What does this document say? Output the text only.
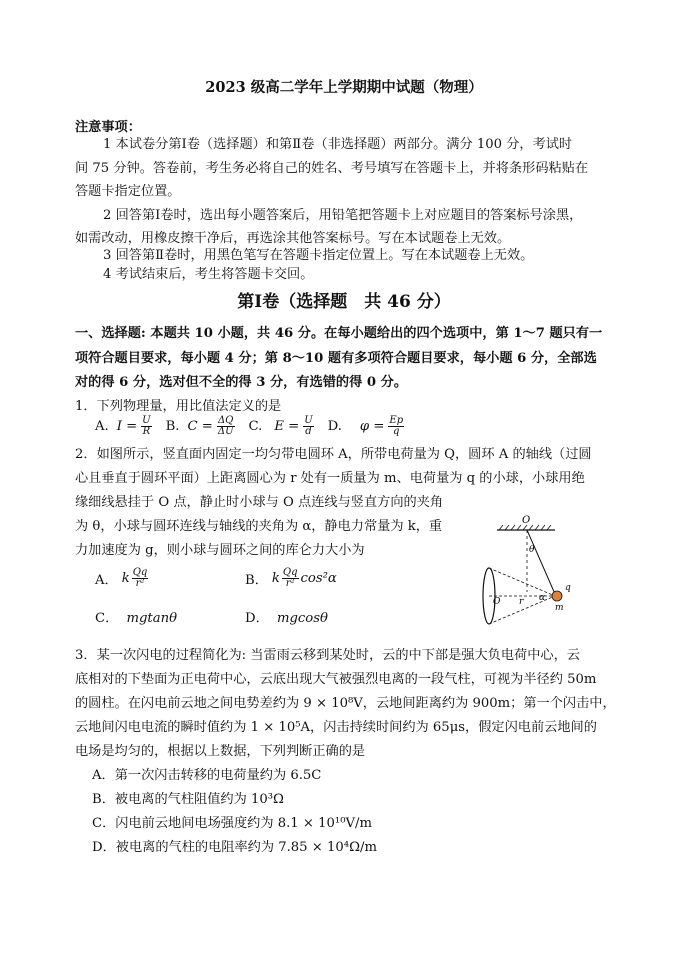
2023 级高二学年上学期期中试题（物理）
注意事项：
1 本试卷分第Ⅰ卷（选择题）和第Ⅱ卷（非选择题）两部分。满分 100 分，考试时
间 75 分钟。答卷前，考生务必将自己的姓名、考号填写在答题卡上，并将条形码粘贴在
答题卡指定位置。
2 回答第Ⅰ卷时，选出每小题答案后，用铅笔把答题卡上对应题目的答案标号涂黑，
如需改动，用橡皮擦干净后，再选涂其他答案标号。写在本试题卷上无效。
3 回答第Ⅱ卷时，用黑色笔写在答题卡指定位置上。写在本试题卷上无效。
4 考试结束后，考生将答题卡交回。
第Ⅰ卷（选择题　共 46 分）
一、选择题: 本题共 10 小题，共 46 分。在每小题给出的四个选项中，第 1～7 题只有一
项符合题目要求，每小题 4 分；第 8～10 题有多项符合题目要求，每小题 6 分，全部选
对的得 6 分，选对但不全的得 3 分，有选错的得 0 分。
1．下列物理量，用比值法定义的是
A. $I = \frac{U}{R} B$. $C = \frac{\Delta Q}{\Delta U} C$. $E = \frac{U}{d} D$. $\varphi = \frac{Ep}{q}$
2．如图所示，竖直面内固定一均匀带电圆环 A，所带电荷量为 Q，圆环 A 的轴线（过圆
心且垂直于圆环平面）上距离圆心为 r 处有一质量为 m、电荷量为 q 的小球，小球用绝
缘细线悬挂于 O 点，静止时小球与 O 点连线与竖直方向的夹角
为 θ，小球与圆环连线与轴线的夹角为 α，静电力常量为 k，重
力加速度为 g，则小球与圆环之间的库仑力大小为
A． k $\frac{Qq}{\text{r²}}$	B． k $\frac{Qq}{\text{r²}} \cos^2\alpha$
C． mgtanθ	D． mgcosθ
O
θ
α
q
m
r
O
3．某一次闪电的过程简化为: 当雷雨云移到某处时，云的中下部是强大负电荷中心，云
底相对的下垫面为正电荷中心，云底出现大气被强烈电离的一段气柱，可视为半径约 50m
的圆柱。在闪电前云地之间电势差约为 9 × 10⁸V，云地间距离约为 900m；第一个闪击中，
云地间闪电电流的瞬时值约为 1 × 10⁵A，闪击持续时间约为 65μs，假定闪电前云地间的
电场是均匀的，根据以上数据，下列判断正确的是
A．第一次闪击转移的电荷量约为 6.5C
B．被电离的气柱阻值约为 10³Ω
C．闪电前云地间电场强度约为 8.1 × 10¹⁰V/m
D．被电离的气柱的电阻率约为 7.85 × 10⁴Ω/m
